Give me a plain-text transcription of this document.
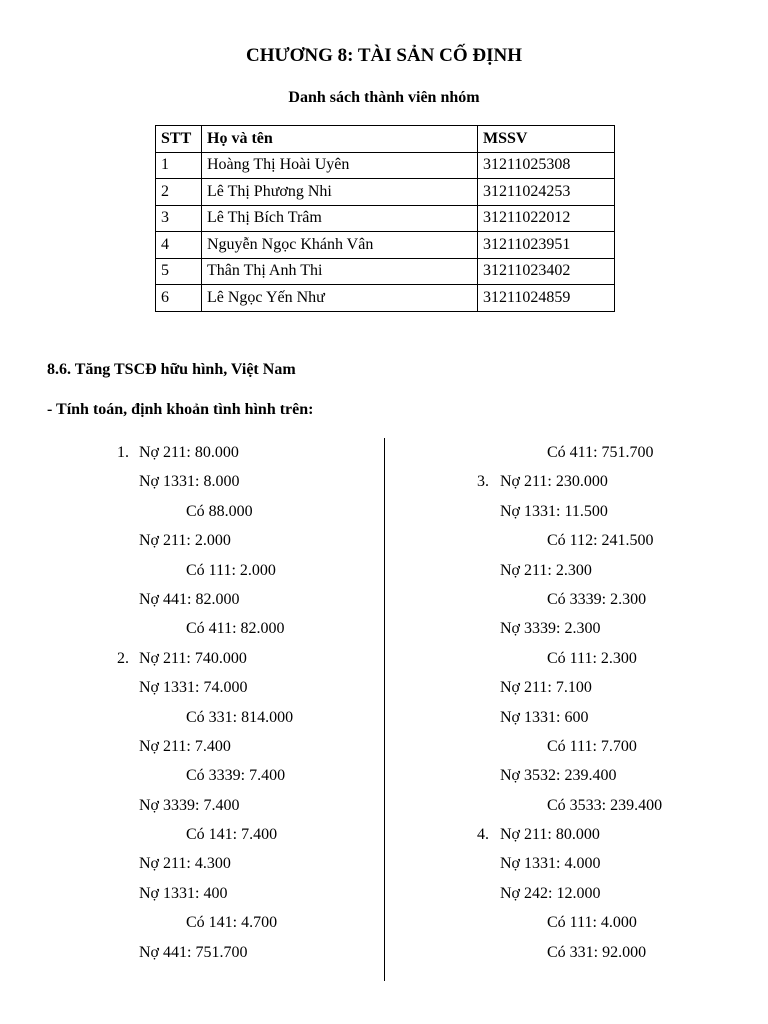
CHƯƠNG 8: TÀI SẢN CỐ ĐỊNH
Danh sách thành viên nhóm
STT	Họ và tên	MSSV
1	Hoàng Thị Hoài Uyên	31211025308
2	Lê Thị Phương Nhi	31211024253
3	Lê Thị Bích Trâm	31211022012
4	Nguyễn Ngọc Khánh Vân	31211023951
5	Thân Thị Anh Thi	31211023402
6	Lê Ngọc Yến Như	31211024859
8.6. Tăng TSCĐ hữu hình, Việt Nam
- Tính toán, định khoản tình hình trên:
1. Nợ 211: 80.000
Nợ 1331: 8.000
Có 88.000
Nợ 211: 2.000
Có 111: 2.000
Nợ 441: 82.000
Có 411: 82.000
2. Nợ 211: 740.000
Nợ 1331: 74.000
Có 331: 814.000
Nợ 211: 7.400
Có 3339: 7.400
Nợ 3339: 7.400
Có 141: 7.400
Nợ 211: 4.300
Nợ 1331: 400
Có 141: 4.700
Nợ 441: 751.700
Có 411: 751.700
3. Nợ 211: 230.000
Nợ 1331: 11.500
Có 112: 241.500
Nợ 211: 2.300
Có 3339: 2.300
Nợ 3339: 2.300
Có 111: 2.300
Nợ 211: 7.100
Nợ 1331: 600
Có 111: 7.700
Nợ 3532: 239.400
Có 3533: 239.400
4. Nợ 211: 80.000
Nợ 1331: 4.000
Nợ 242: 12.000
Có 111: 4.000
Có 331: 92.000
